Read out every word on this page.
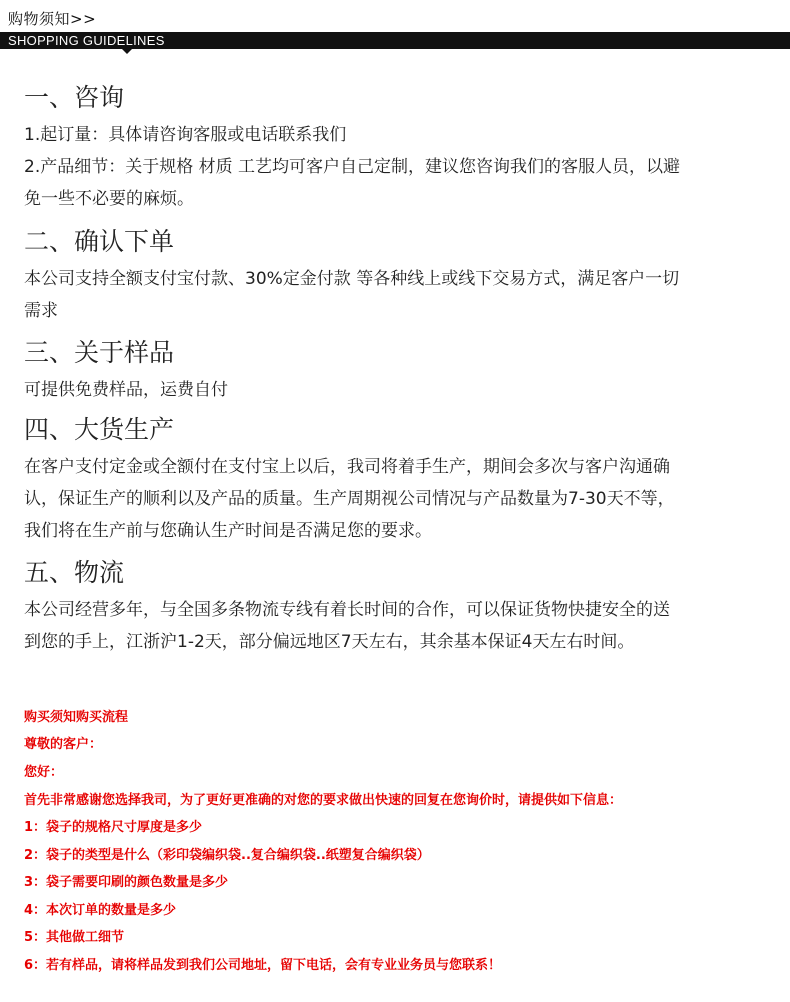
购物须知>>
SHOPPING GUIDELINES
一、咨询

1.起订量：具体请咨询客服或电话联系我们

2.产品细节：关于规格 材质 工艺均可客户自己定制，建议您咨询我们的客服人员，以避

免一些不必要的麻烦。

二、确认下单

本公司支持全额支付宝付款、30%定金付款 等各种线上或线下交易方式，满足客户一切

需求

三、关于样品

可提供免费样品，运费自付

四、大货生产

在客户支付定金或全额付在支付宝上以后，我司将着手生产，期间会多次与客户沟通确

认，保证生产的顺利以及产品的质量。生产周期视公司情况与产品数量为7-30天不等，

我们将在生产前与您确认生产时间是否满足您的要求。

五、物流

本公司经营多年，与全国多条物流专线有着长时间的合作，可以保证货物快捷安全的送

到您的手上，江浙沪1-2天，部分偏远地区7天左右，其余基本保证4天左右时间。

购买须知购买流程

尊敬的客户：

您好：

首先非常感谢您选择我司，为了更好更准确的对您的要求做出快速的回复在您询价时，请提供如下信息：

1：袋子的规格尺寸厚度是多少

2：袋子的类型是什么（彩印袋编织袋..复合编织袋..纸塑复合编织袋）

3：袋子需要印刷的颜色数量是多少

4：本次订单的数量是多少

5：其他做工细节

6：若有样品，请将样品发到我们公司地址，留下电话，会有专业业务员与您联系！
